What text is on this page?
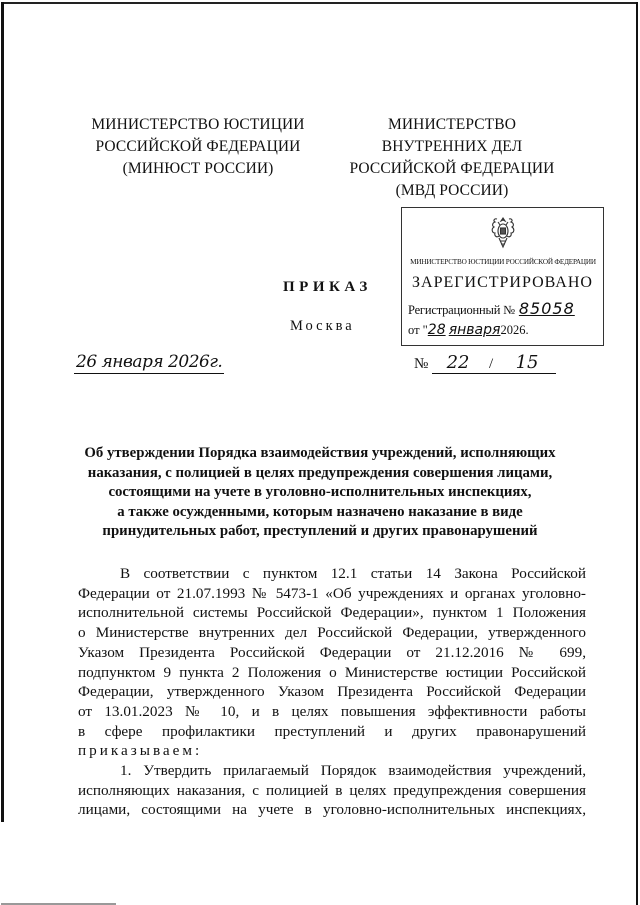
МИНИСТЕРСТВО ЮСТИЦИИ
РОССИЙСКОЙ ФЕДЕРАЦИИ
(МИНЮСТ РОССИИ)
МИНИСТЕРСТВО
ВНУТРЕННИХ ДЕЛ
РОССИЙСКОЙ ФЕДЕРАЦИИ
(МВД РОССИИ)
МИНИСТЕРСТВО ЮСТИЦИИ РОССИЙСКОЙ ФЕДЕРАЦИИ
ЗАРЕГИСТРИРОВАНО
Регистрационный № 85058
от "28 января2026.
ПРИКАЗ
Москва
26 января 2026г.	№ 22 / 15
Об утверждении Порядка взаимодействия учреждений, исполняющих
наказания, с полицией в целях предупреждения совершения лицами,
состоящими на учете в уголовно-исполнительных инспекциях,
а также осужденными, которым назначено наказание в виде
принудительных работ, преступлений и других правонарушений
В соответствии с пунктом 12.1 статьи 14 Закона Российской
Федерации от 21.07.1993 № 5473-1 «Об учреждениях и органах уголовно-
исполнительной системы Российской Федерации», пунктом 1 Положения
о Министерстве внутренних дел Российской Федерации, утвержденного
Указом Президента Российской Федерации от 21.12.2016 № 699,
подпунктом 9 пункта 2 Положения о Министерстве юстиции Российской
Федерации, утвержденного Указом Президента Российской Федерации
от 13.01.2023 № 10, и в целях повышения эффективности работы
в сфере профилактики преступлений и других правонарушений
приказываем:
1. Утвердить прилагаемый Порядок взаимодействия учреждений,
исполняющих наказания, с полицией в целях предупреждения совершения
лицами, состоящими на учете в уголовно-исполнительных инспекциях,
